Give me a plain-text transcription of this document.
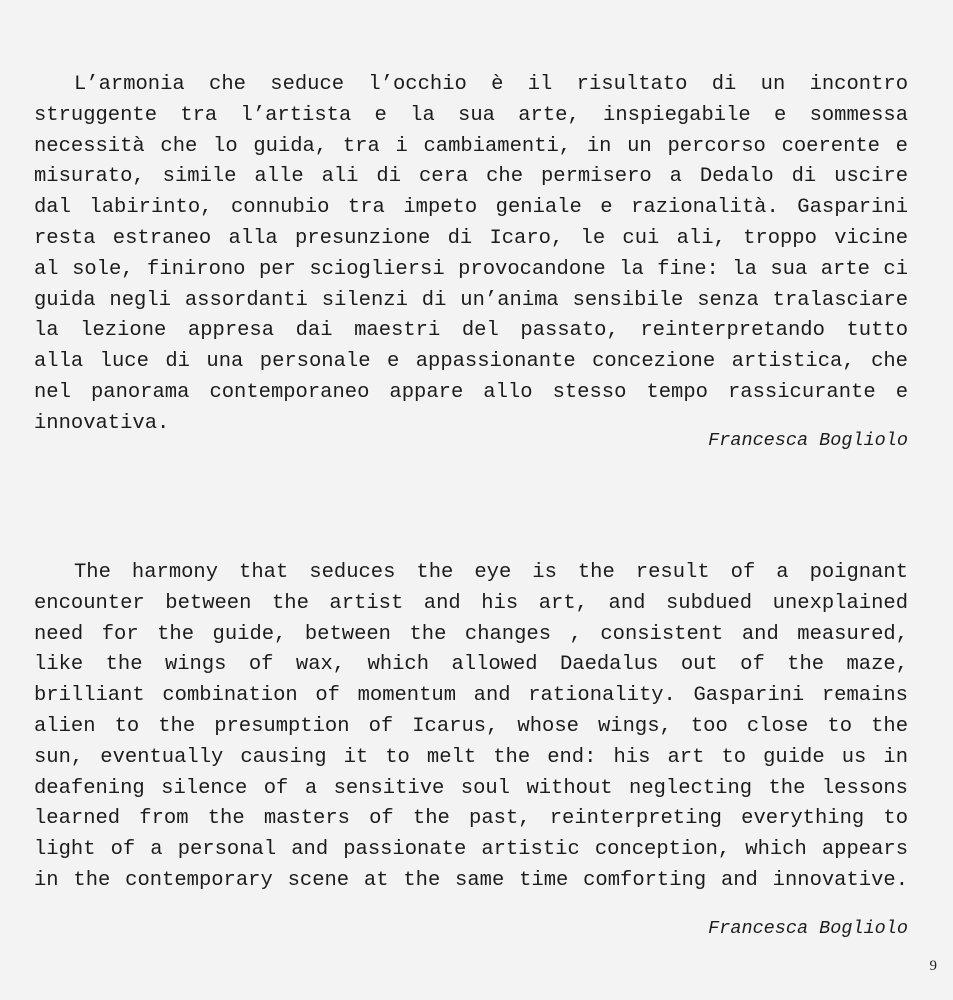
L’armonia che seduce l’occhio è il risultato di un incontro
struggente tra l’artista e la sua arte, inspiegabile e sommessa
necessità che lo guida, tra i cambiamenti, in un percorso coerente e
misurato, simile alle ali di cera che permisero a Dedalo di uscire
dal labirinto, connubio tra impeto geniale e razionalità. Gasparini
resta estraneo alla presunzione di Icaro, le cui ali, troppo vicine
al sole, finirono per sciogliersi provocandone la fine: la sua arte ci
guida negli assordanti silenzi di un’anima sensibile senza tralasciare
la lezione appresa dai maestri del passato, reinterpretando tutto
alla luce di una personale e appassionante concezione artistica, che
nel panorama contemporaneo appare allo stesso tempo rassicurante e
innovativa.

Francesca Bogliolo

The harmony that seduces the eye is the result of a poignant
encounter between the artist and his art, and subdued unexplained
need for the guide, between the changes , consistent and measured,
like the wings of wax, which allowed Daedalus out of the maze,
brilliant combination of momentum and rationality. Gasparini remains
alien to the presumption of Icarus, whose wings, too close to the
sun, eventually causing it to melt the end: his art to guide us in
deafening silence of a sensitive soul without neglecting the lessons
learned from the masters of the past, reinterpreting everything to
light of a personal and passionate artistic conception, which appears
in the contemporary scene at the same time comforting and innovative.

Francesca Bogliolo

9
